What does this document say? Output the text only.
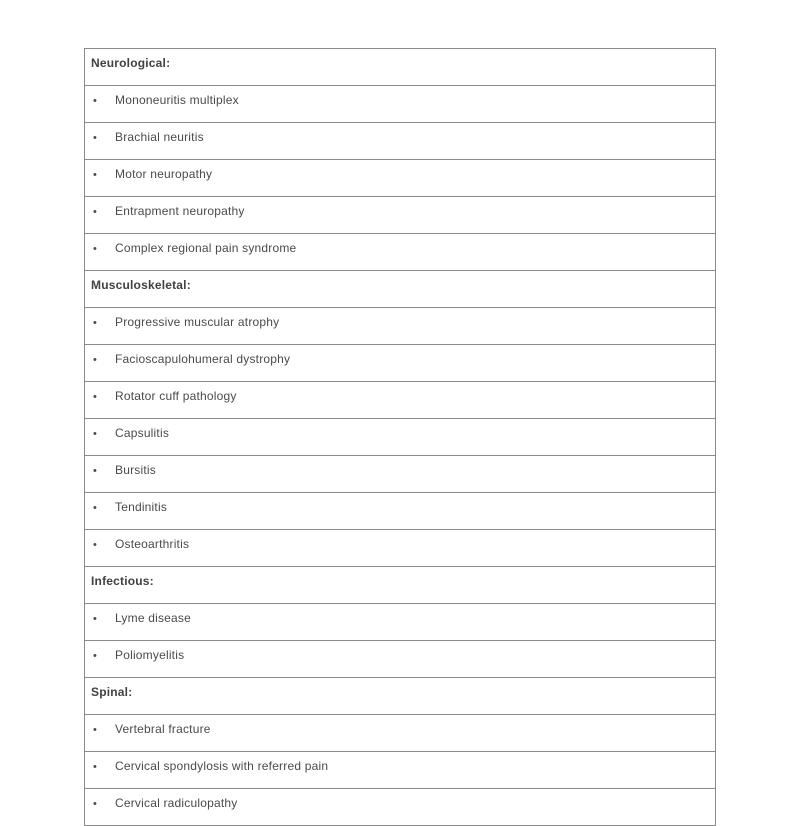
Neurological:
• Mononeuritis multiplex
• Brachial neuritis
• Motor neuropathy
• Entrapment neuropathy
• Complex regional pain syndrome
Musculoskeletal:
• Progressive muscular atrophy
• Facioscapulohumeral dystrophy
• Rotator cuff pathology
• Capsulitis
• Bursitis
• Tendinitis
• Osteoarthritis
Infectious:
• Lyme disease
• Poliomyelitis
Spinal:
• Vertebral fracture
• Cervical spondylosis with referred pain
• Cervical radiculopathy
